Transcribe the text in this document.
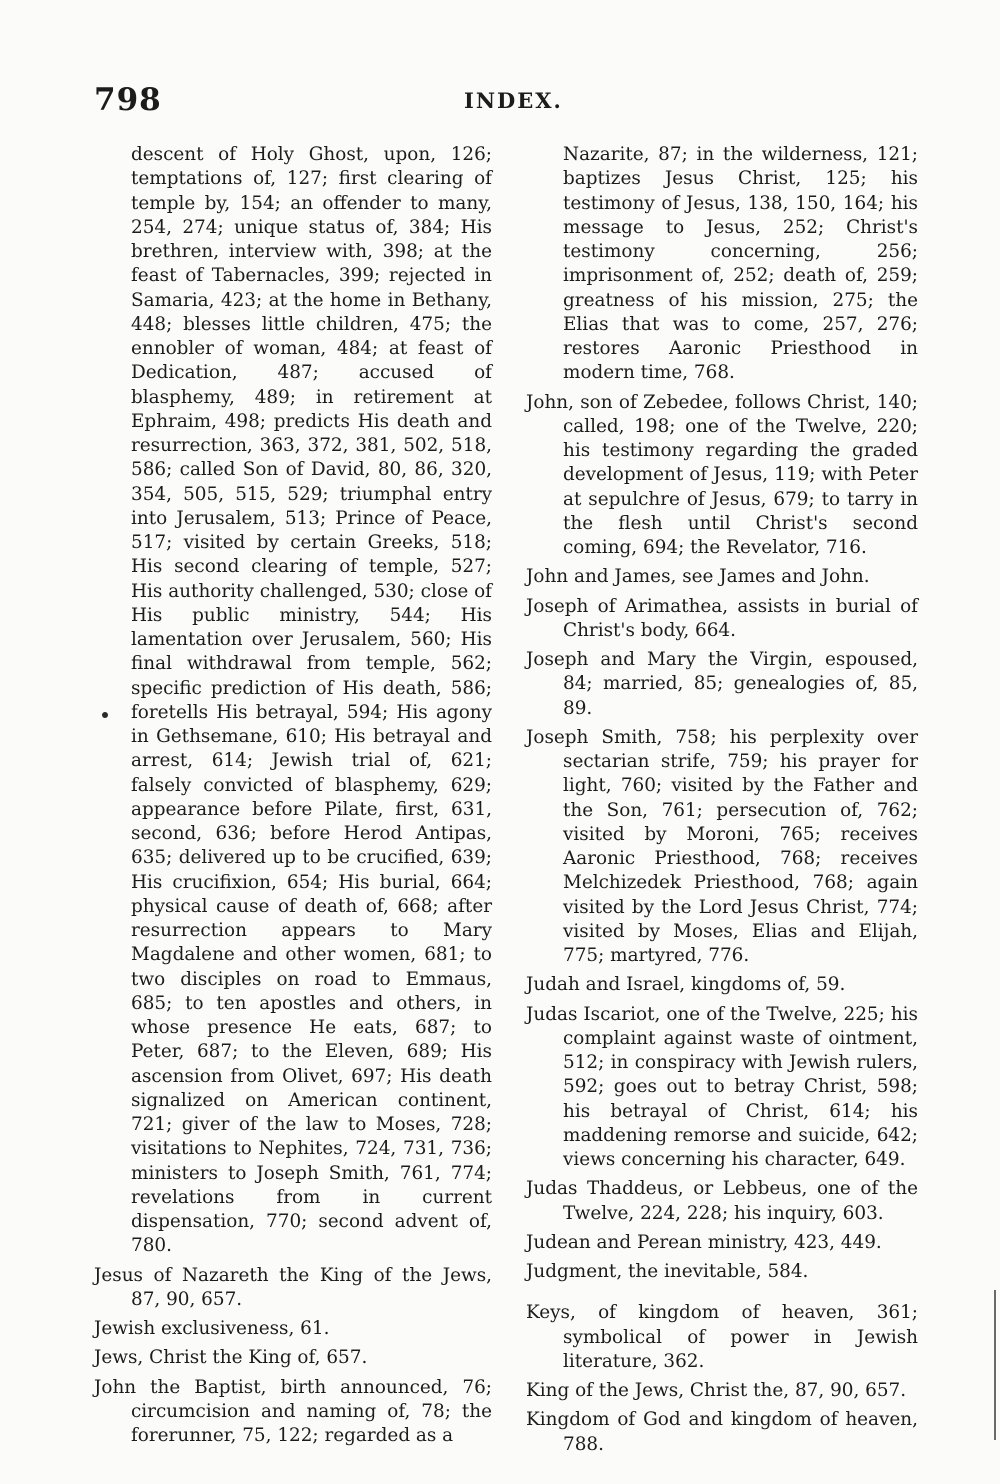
798	INDEX.

descent of Holy Ghost, upon, 126; temptations of, 127; first clearing of temple by, 154; an offender to many, 254, 274; unique status of, 384; His brethren, interview with, 398; at the feast of Tabernacles, 399; rejected in Samaria, 423; at the home in Bethany, 448; blesses little children, 475; the ennobler of woman, 484; at feast of Dedication, 487; accused of blasphemy, 489; in retirement at Ephraim, 498; predicts His death and resurrection, 363, 372, 381, 502, 518, 586; called Son of David, 80, 86, 320, 354, 505, 515, 529; triumphal entry into Jerusalem, 513; Prince of Peace, 517; visited by certain Greeks, 518; His second clearing of temple, 527; His authority challenged, 530; close of His public ministry, 544; His lamentation over Jerusalem, 560; His final withdrawal from temple, 562; specific prediction of His death, 586; foretells His betrayal, 594; His agony in Gethsemane, 610; His betrayal and arrest, 614; Jewish trial of, 621; falsely convicted of blasphemy, 629; appearance before Pilate, first, 631, second, 636; before Herod Antipas, 635; delivered up to be crucified, 639; His crucifixion, 654; His burial, 664; physical cause of death of, 668; after resurrection appears to Mary Magdalene and other women, 681; to two disciples on road to Emmaus, 685; to ten apostles and others, in whose presence He eats, 687; to Peter, 687; to the Eleven, 689; His ascension from Olivet, 697; His death signalized on American continent, 721; giver of the law to Moses, 728; visitations to Nephites, 724, 731, 736; ministers to Joseph Smith, 761, 774; revelations from in current dispensation, 770; second advent of, 780.

Jesus of Nazareth the King of the Jews, 87, 90, 657.

Jewish exclusiveness, 61.

Jews, Christ the King of, 657.

John the Baptist, birth announced, 76; circumcision and naming of, 78; the forerunner, 75, 122; regarded as a

Nazarite, 87; in the wilderness, 121; baptizes Jesus Christ, 125; his testimony of Jesus, 138, 150, 164; his message to Jesus, 252; Christ's testimony concerning, 256; imprisonment of, 252; death of, 259; greatness of his mission, 275; the Elias that was to come, 257, 276; restores Aaronic Priesthood in modern time, 768.

John, son of Zebedee, follows Christ, 140; called, 198; one of the Twelve, 220; his testimony regarding the graded development of Jesus, 119; with Peter at sepulchre of Jesus, 679; to tarry in the flesh until Christ's second coming, 694; the Revelator, 716.

John and James, see James and John.

Joseph of Arimathea, assists in burial of Christ's body, 664.

Joseph and Mary the Virgin, espoused, 84; married, 85; genealogies of, 85, 89.

Joseph Smith, 758; his perplexity over sectarian strife, 759; his prayer for light, 760; visited by the Father and the Son, 761; persecution of, 762; visited by Moroni, 765; receives Aaronic Priesthood, 768; receives Melchizedek Priesthood, 768; again visited by the Lord Jesus Christ, 774; visited by Moses, Elias and Elijah, 775; martyred, 776.

Judah and Israel, kingdoms of, 59.

Judas Iscariot, one of the Twelve, 225; his complaint against waste of ointment, 512; in conspiracy with Jewish rulers, 592; goes out to betray Christ, 598; his betrayal of Christ, 614; his maddening remorse and suicide, 642; views concerning his character, 649.

Judas Thaddeus, or Lebbeus, one of the Twelve, 224, 228; his inquiry, 603.

Judean and Perean ministry, 423, 449.

Judgment, the inevitable, 584.

Keys, of kingdom of heaven, 361; symbolical of power in Jewish literature, 362.

King of the Jews, Christ the, 87, 90, 657.

Kingdom of God and kingdom of heaven, 788.
